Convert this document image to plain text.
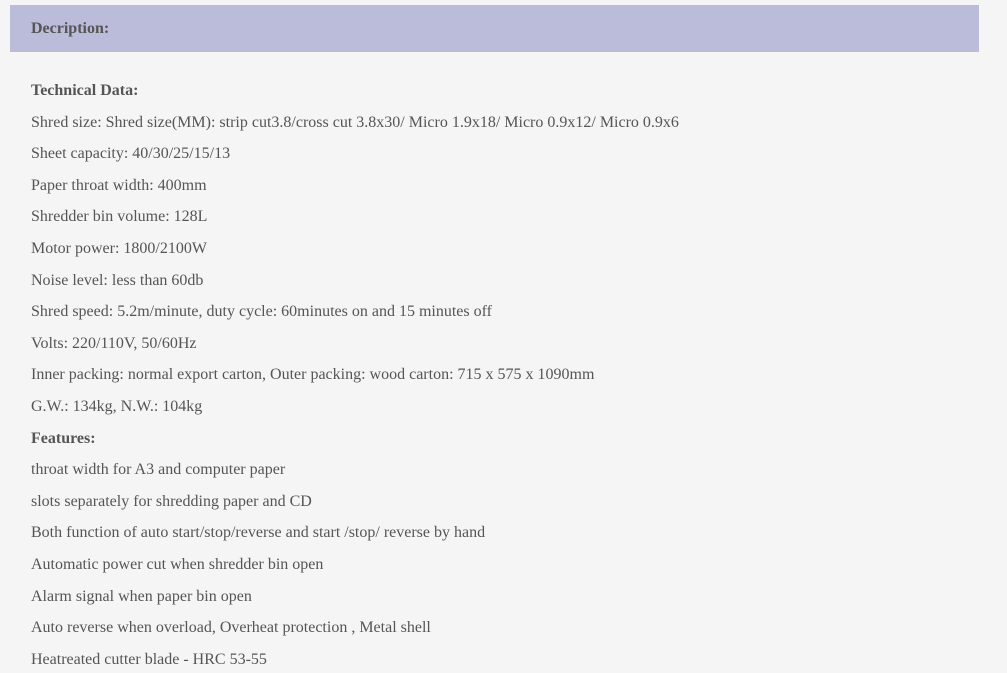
Decription:
Technical Data:
Shred size: Shred size(MM): strip cut3.8/cross cut 3.8x30/ Micro 1.9x18/ Micro 0.9x12/ Micro 0.9x6
Sheet capacity: 40/30/25/15/13
Paper throat width: 400mm
Shredder bin volume: 128L
Motor power: 1800/2100W
Noise level: less than 60db
Shred speed: 5.2m/minute, duty cycle: 60minutes on and 15 minutes off
Volts: 220/110V, 50/60Hz
Inner packing: normal export carton, Outer packing: wood carton: 715 x 575 x 1090mm
G.W.: 134kg, N.W.: 104kg
Features:
throat width for A3 and computer paper
slots separately for shredding paper and CD
Both function of auto start/stop/reverse and start /stop/ reverse by hand
Automatic power cut when shredder bin open
Alarm signal when paper bin open
Auto reverse when overload, Overheat protection , Metal shell
Heatreated cutter blade - HRC 53-55
